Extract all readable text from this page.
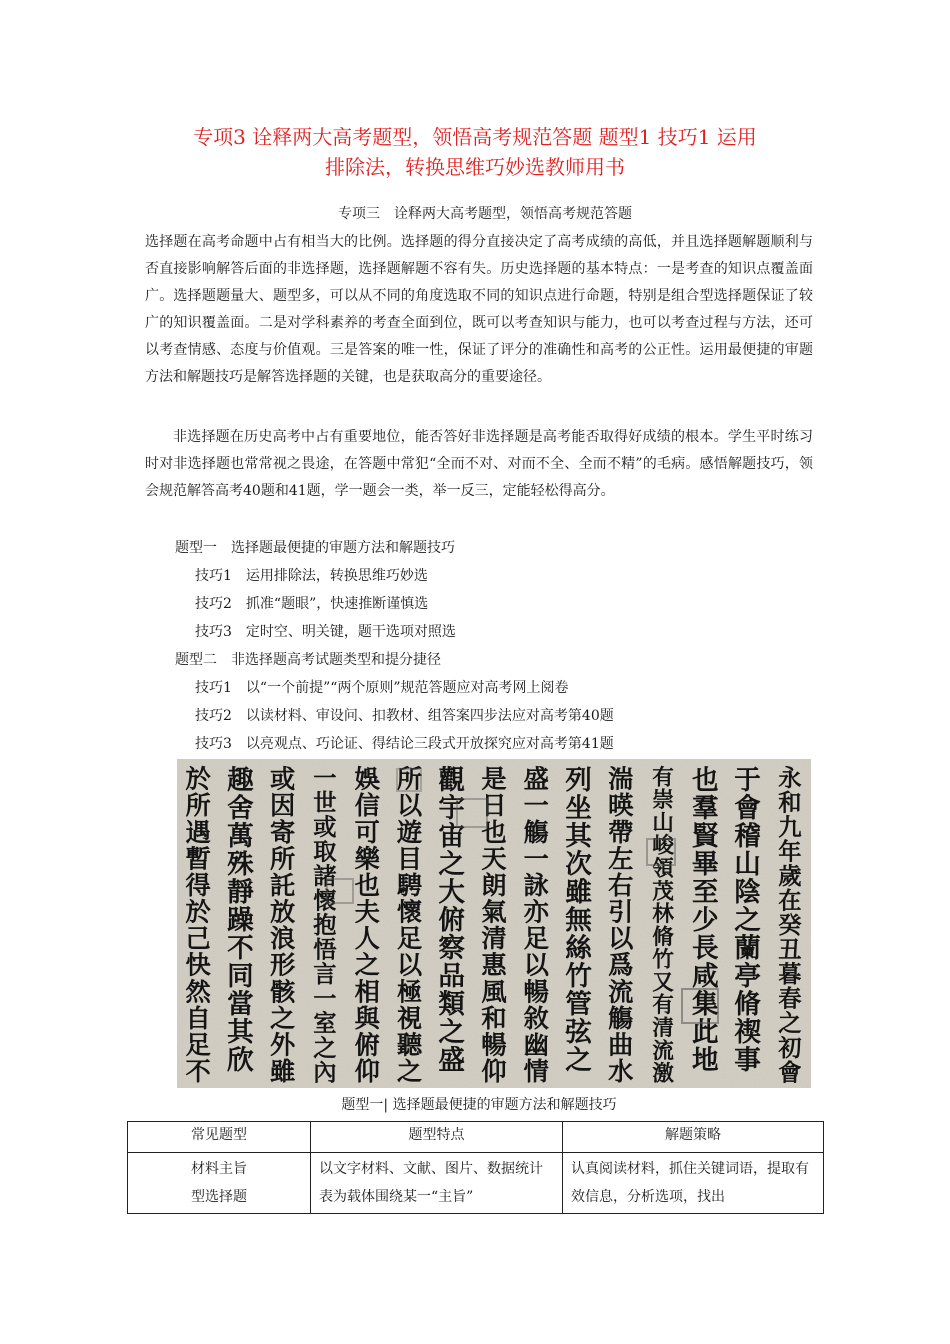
专项3 诠释两大高考题型，领悟高考规范答题 题型1 技巧1 运用
排除法，转换思维巧妙选教师用书
专项三　诠释两大高考题型，领悟高考规范答题
选择题在高考命题中占有相当大的比例。选择题的得分直接决定了高考成绩的高低，并且选择题解题顺利与否直接影响解答后面的非选择题，选择题解题不容有失。历史选择题的基本特点：一是考查的知识点覆盖面广。选择题题量大、题型多，可以从不同的角度选取不同的知识点进行命题，特别是组合型选择题保证了较广的知识覆盖面。二是对学科素养的考查全面到位，既可以考查知识与能力，也可以考查过程与方法，还可以考查情感、态度与价值观。三是答案的唯一性，保证了评分的准确性和高考的公正性。运用最便捷的审题方法和解题技巧是解答选择题的关键，也是获取高分的重要途径。
非选择题在历史高考中占有重要地位，能否答好非选择题是高考能否取得好成绩的根本。学生平时练习时对非选择题也常常视之畏途，在答题中常犯“全而不对、对而不全、全而不精”的毛病。感悟解题技巧，领会规范解答高考40题和41题，学一题会一类，举一反三，定能轻松得高分。
题型一 选择题最便捷的审题方法和解题技巧
技巧1 运用排除法，转换思维巧妙选
技巧2 抓准“题眼”，快速推断谨慎选
技巧3 定时空、明关键，题干选项对照选
题型二 非选择题高考试题类型和提分捷径
技巧1 以“一个前提”“两个原则”规范答题应对高考网上阅卷
技巧2 以读材料、审设问、扣教材、组答案四步法应对高考第40题
技巧3 以亮观点、巧论证、得结论三段式开放探究应对高考第41题
永
和
九
年
歲
在
癸
丑
暮
春
之
初
會
于
會
稽
山
陰
之
蘭
亭
脩
禊
事
也
羣
賢
畢
至
少
長
咸
集
此
地
有
崇
山
峻
領
茂
林
脩
竹
又
有
清
流
激
湍
暎
帶
左
右
引
以
爲
流
觴
曲
水
列
坐
其
次
雖
無
絲
竹
管
弦
之
盛
一
觴
一
詠
亦
足
以
暢
敘
幽
情
是
日
也
天
朗
氣
清
惠
風
和
暢
仰
觀
宇
宙
之
大
俯
察
品
類
之
盛
所
以
遊
目
騁
懷
足
以
極
視
聽
之
娛
信
可
樂
也
夫
人
之
相
與
俯
仰
一
世
或
取
諸
懷
抱
悟
言
一
室
之
內
或
因
寄
所
託
放
浪
形
骸
之
外
雖
趣
舍
萬
殊
靜
躁
不
同
當
其
欣
於
所
遇
暫
得
於
己
快
然
自
足
不
题型一| 选择题最便捷的审题方法和解题技巧
常见题型	题型特点	解题策略

材料主旨
型选择题	以文字材料、文献、图片、数据统计表为载体围绕某一“主旨”	认真阅读材料，抓住关键词语，提取有效信息，分析选项，找出
